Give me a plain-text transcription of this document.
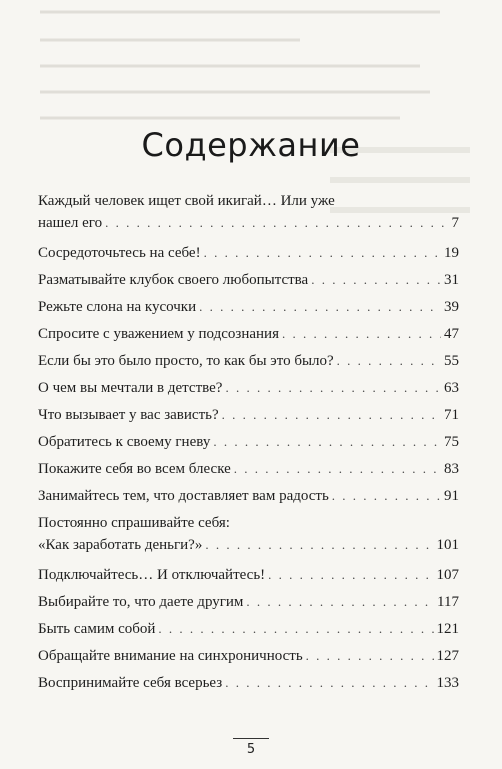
Содержание
Каждый человек ищет свой икигай… Или уже
нашел его . . .	7
Сосредоточьтесь на себе! . . .	19
Разматывайте клубок своего любопытства . . .	31
Режьте слона на кусочки . . .	39
Спросите с уважением у подсознания . . .	47
Если бы это было просто, то как бы это было? . . .	55
О чем вы мечтали в детстве? . . .	63
Что вызывает у вас зависть? . . .	71
Обратитесь к своему гневу . . .	75
Покажите себя во всем блеске . . .	83
Занимайтесь тем, что доставляет вам радость . . .	91
Постоянно спрашивайте себя:
«Как заработать деньги?» . . .	101
Подключайтесь… И отключайтесь! . . .	107
Выбирайте то, что даете другим . . .	117
Быть самим собой . . .	121
Обращайте внимание на синхроничность . . .	127
Воспринимайте себя всерьез . . .	133
5
